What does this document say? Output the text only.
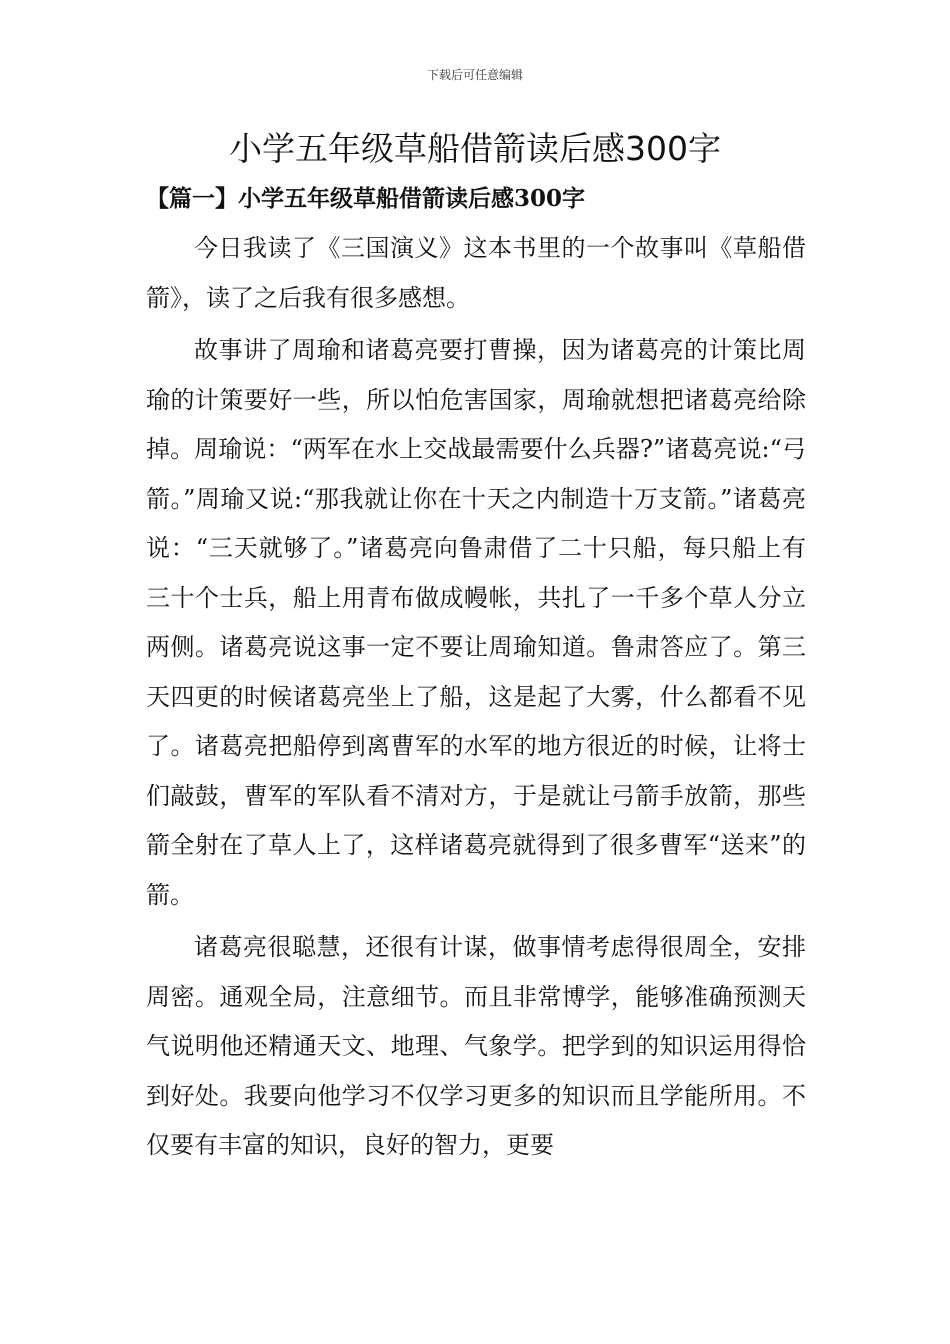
下载后可任意编辑
小学五年级草船借箭读后感300字
【篇一】小学五年级草船借箭读后感300字

今日我读了《三国演义》这本书里的一个故事叫《草船借箭》，读了之后我有很多感想。

故事讲了周瑜和诸葛亮要打曹操，因为诸葛亮的计策比周瑜的计策要好一些，所以怕危害国家，周瑜就想把诸葛亮给除掉。周瑜说：“两军在水上交战最需要什么兵器?”诸葛亮说:“弓箭。”周瑜又说:“那我就让你在十天之内制造十万支箭。”诸葛亮说：“三天就够了。”诸葛亮向鲁肃借了二十只船，每只船上有三十个士兵，船上用青布做成幔帐，共扎了一千多个草人分立两侧。诸葛亮说这事一定不要让周瑜知道。鲁肃答应了。第三天四更的时候诸葛亮坐上了船，这是起了大雾，什么都看不见了。诸葛亮把船停到离曹军的水军的地方很近的时候，让将士们敲鼓，曹军的军队看不清对方，于是就让弓箭手放箭，那些箭全射在了草人上了，这样诸葛亮就得到了很多曹军“送来”的箭。

诸葛亮很聪慧，还很有计谋，做事情考虑得很周全，安排周密。通观全局，注意细节。而且非常博学，能够准确预测天气说明他还精通天文、地理、气象学。把学到的知识运用得恰到好处。我要向他学习不仅学习更多的知识而且学能所用。不仅要有丰富的知识，良好的智力，更要
